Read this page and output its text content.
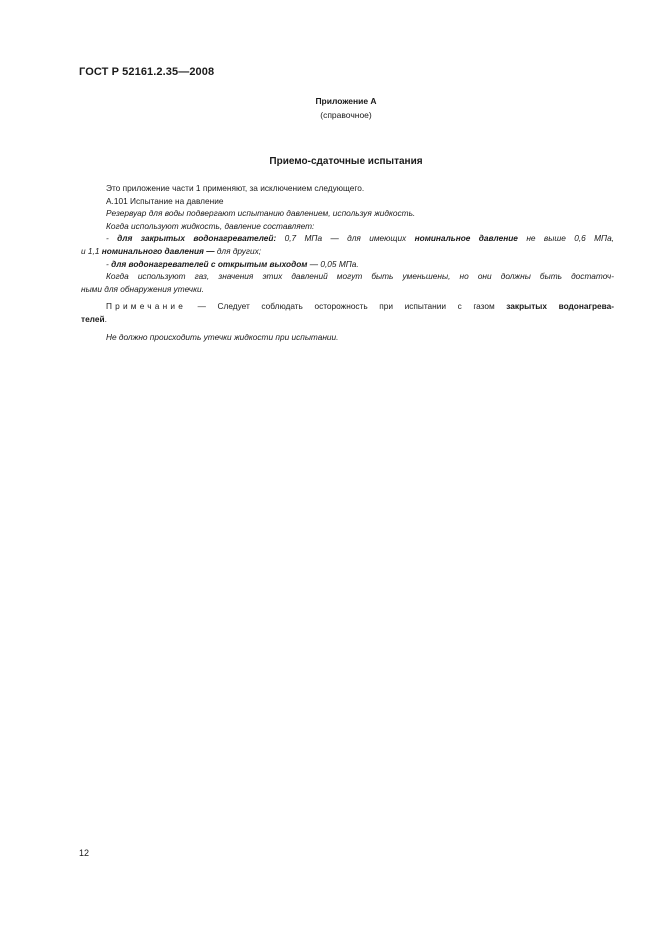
ГОСТ Р 52161.2.35—2008
Приложение А
(справочное)
Приемо-сдаточные испытания

Это приложение части 1 применяют, за исключением следующего.

А.101 Испытание на давление

Резервуар для воды подвергают испытанию давлением, используя жидкость.

Когда используют жидкость, давление составляет:

- для закрытых водонагревателей: 0,7 МПа — для имеющих номинальное давление не выше 0,6 МПа,

и 1,1 номинального давления — для других;

- для водонагревателей с открытым выходом — 0,05 МПа.

Когда используют газ, значения этих давлений могут быть уменьшены, но они должны быть достаточ-

ными для обнаружения утечки.

Примечание — Следует соблюдать осторожность при испытании с газом закрытых водонагрева-

телей.

Не должно происходить утечки жидкости при испытании.

12
